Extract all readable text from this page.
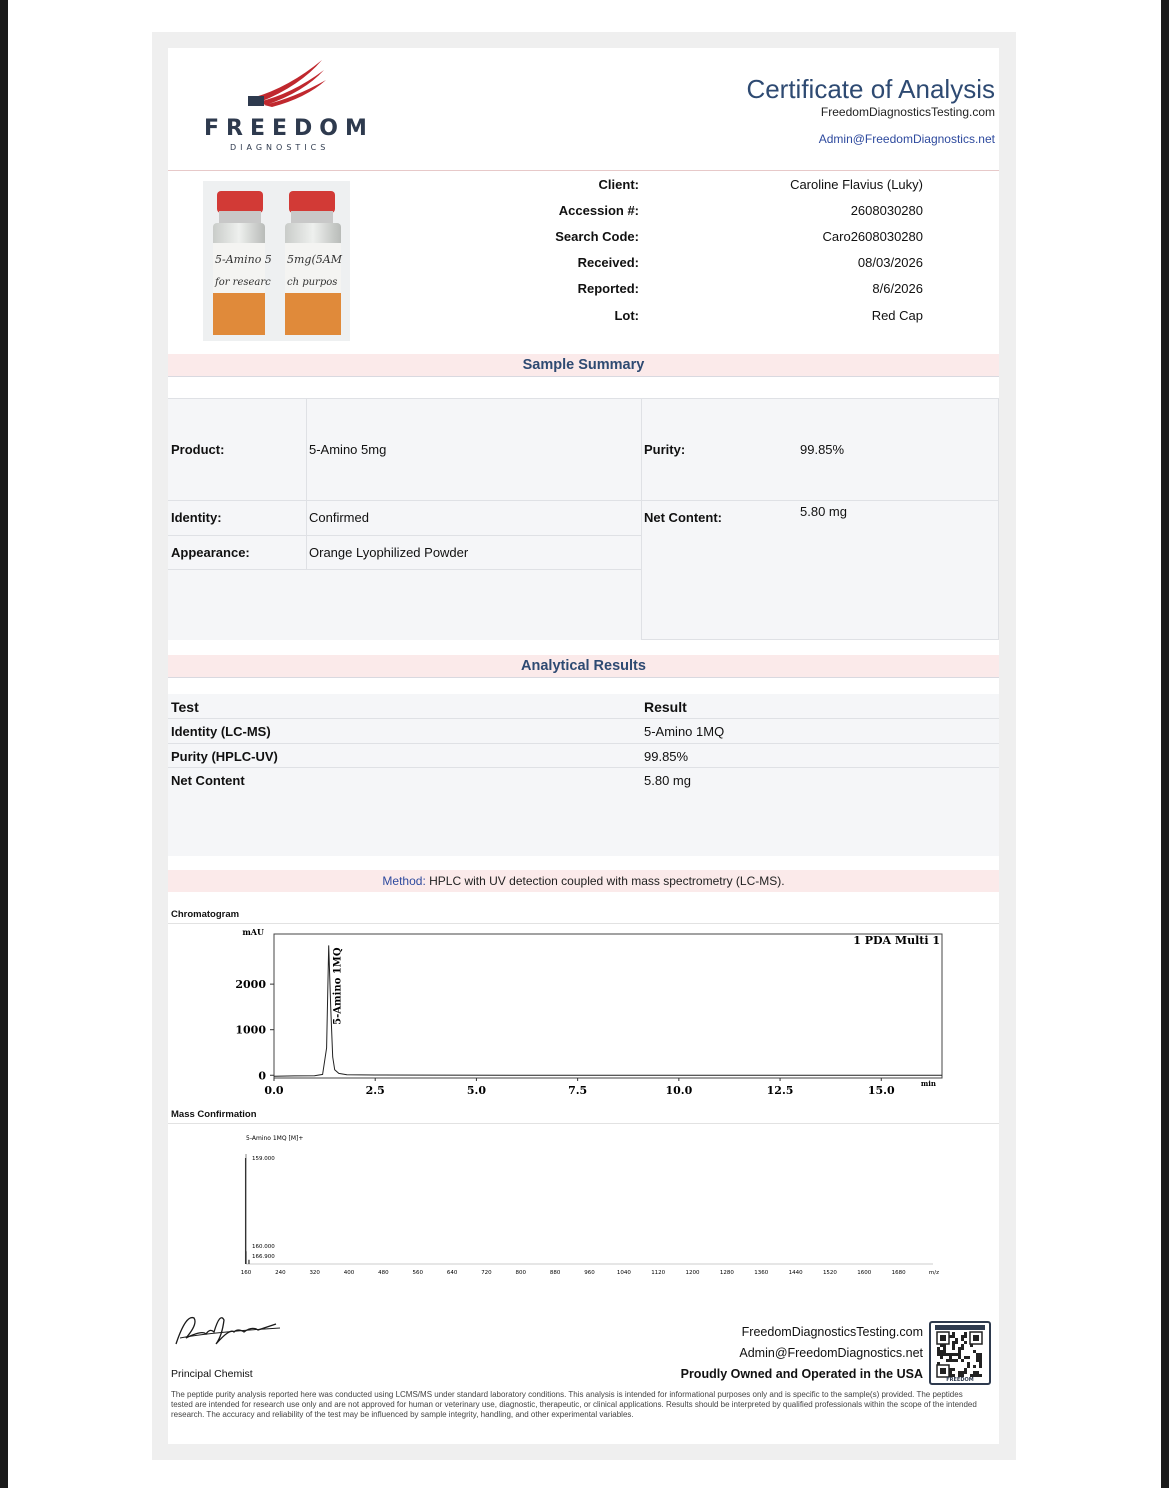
FREEDOM
DIAGNOSTICS
Certificate of Analysis
FreedomDiagnosticsTesting.com
Admin@FreedomDiagnostics.net
5-Amino 5
for researc
5mg(5AM
ch purpos
Client:	Caroline Flavius (Luky)
Accession #:	2608030280
Search Code:	Caro2608030280
Received:	08/03/2026
Reported:	8/6/2026
Lot:	Red Cap
Sample Summary
Product:	5-Amino 5mg	Purity:	99.85%
Identity:	Confirmed	Net Content:	5.80 mg
Appearance:	Orange Lyophilized Powder
Analytical Results
Test	Result
Identity (LC-MS)	5-Amino 1MQ
Purity (HPLC-UV)	99.85%
Net Content	5.80 mg
Method: HPLC with UV detection coupled with mass spectrometry (LC-MS).
Chromatogram
0
1000
2000
0.0	2.5	5.0	7.5	10.0	12.5	15.0
mAU
min
1 PDA Multi 1
5-Amino 1MQ
Mass Confirmation
5-Amino 1MQ [M]+
159.000
160.000
166.900
160	240	320	400	480	560	640	720	800	880	960	1040	1120	1200	1280	1360	1440	1520	1600	1680	m/z
Principal Chemist
FreedomDiagnosticsTesting.com
Admin@FreedomDiagnostics.net
Proudly Owned and Operated in the USA	FREEDOM
The peptide purity analysis reported here was conducted using LCMS/MS under standard laboratory conditions. This analysis is intended for informational purposes only and is specific to the sample(s) provided. The peptides tested are intended for research use only and are not approved for human or veterinary use, diagnostic, therapeutic, or clinical applications. Results should be interpreted by qualified professionals within the scope of the intended research. The accuracy and reliability of the test may be influenced by sample integrity, handling, and other experimental variables.
